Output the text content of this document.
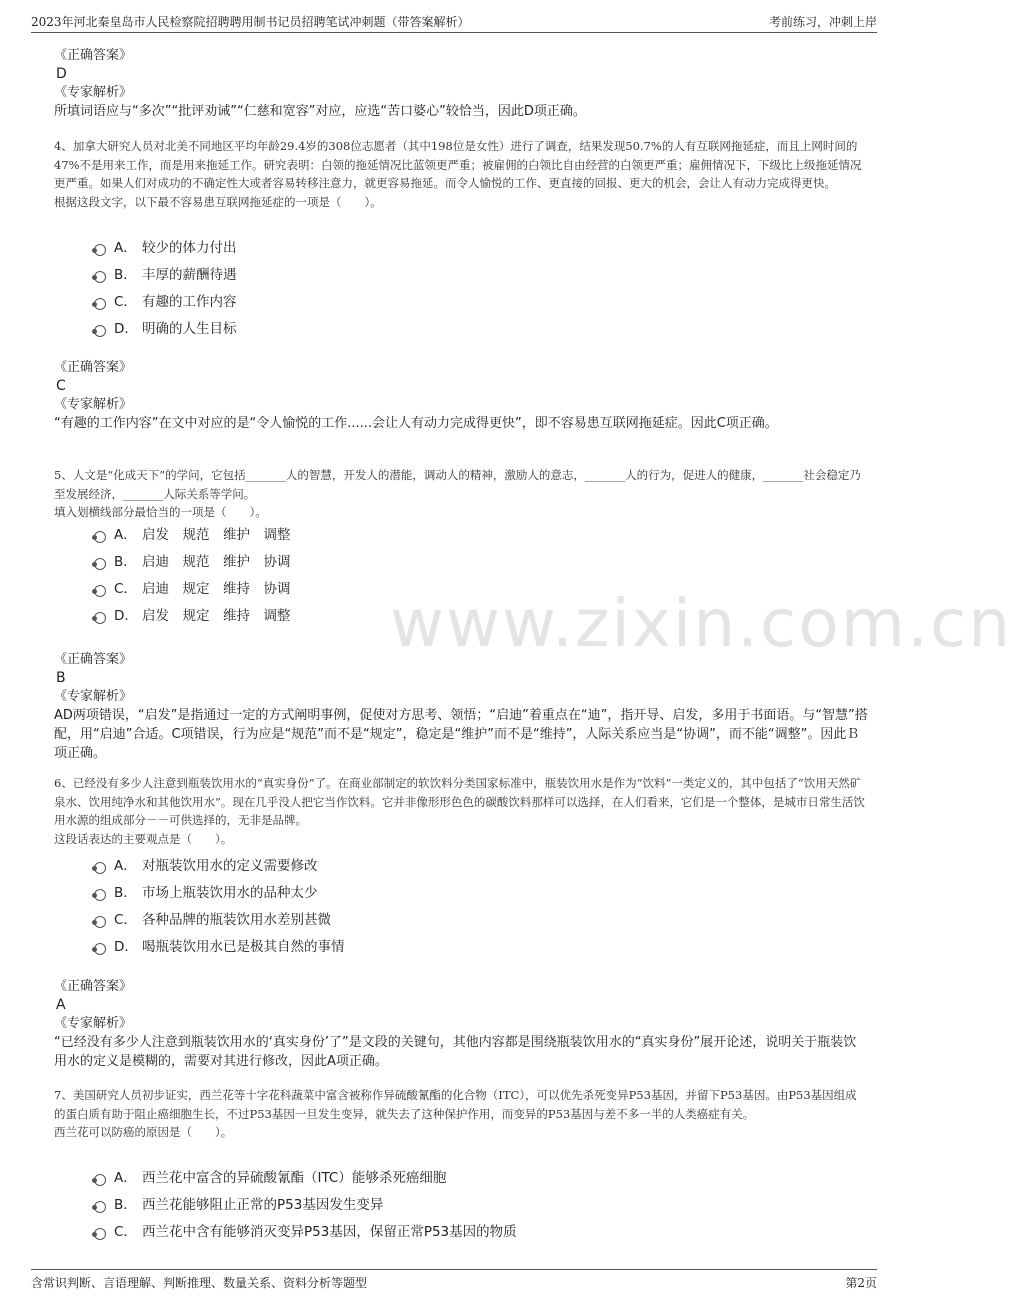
2023年河北秦皇岛市人民检察院招聘聘用制书记员招聘笔试冲刺题（带答案解析）	考前练习，冲刺上岸
www.zixin.com.cn
《正确答案》
D
《专家解析》
所填词语应与“多次”“批评劝诫”“仁慈和宽容”对应，应选“苦口婆心”较恰当，因此D项正确。
4、加拿大研究人员对北美不同地区平均年龄29.4岁的308位志愿者（其中198位是女性）进行了调查，结果发现50.7%的人有互联网拖延症，而且上网时间的47%不是用来工作，而是用来拖延工作。研究表明：白领的拖延情况比蓝领更严重；被雇佣的白领比自由经营的白领更严重；雇佣情况下，下级比上级拖延情况更严重。如果人们对成功的不确定性大或者容易转移注意力，就更容易拖延。而令人愉悦的工作、更直接的回报、更大的机会，会让人有动力完成得更快。
根据这段文字，以下最不容易患互联网拖延症的一项是（　　）。
A． 较少的体力付出
B． 丰厚的薪酬待遇
C． 有趣的工作内容
D． 明确的人生目标
《正确答案》
C
《专家解析》
“有趣的工作内容”在文中对应的是“令人愉悦的工作......会让人有动力完成得更快”，即不容易患互联网拖延症。因此C项正确。
5、人文是“化成天下”的学问，它包括_______人的智慧，开发人的潜能，调动人的精神，激励人的意志，_______人的行为，促进人的健康，_______社会稳定乃至发展经济，_______人际关系等学问。
填入划横线部分最恰当的一项是（　　）。
A． 启发　规范　维护　调整
B． 启迪　规范　维护　协调
C． 启迪　规定　维持　协调
D． 启发　规定　维持　调整
《正确答案》
B
《专家解析》
AD两项错误，“启发”是指通过一定的方式阐明事例，促使对方思考、领悟；“启迪”着重点在“迪”，指开导、启发，多用于书面语。与“智慧”搭配，用“启迪”合适。C项错误，行为应是“规范”而不是“规定”，稳定是“维护”而不是“维持”，人际关系应当是“协调”，而不能“调整”。因此Ｂ项正确。
6、已经没有多少人注意到瓶装饮用水的“真实身份”了。在商业部制定的软饮料分类国家标准中，瓶装饮用水是作为“饮料”一类定义的，其中包括了“饮用天然矿泉水、饮用纯净水和其他饮用水”。现在几乎没人把它当作饮料。它并非像形形色色的碳酸饮料那样可以选择，在人们看来，它们是一个整体，是城市日常生活饮用水源的组成部分－－可供选择的，无非是品牌。
这段话表达的主要观点是（　　）。
A． 对瓶装饮用水的定义需要修改
B． 市场上瓶装饮用水的品种太少
C． 各种品牌的瓶装饮用水差别甚微
D． 喝瓶装饮用水已是极其自然的事情
《正确答案》
A
《专家解析》
“已经没有多少人注意到瓶装饮用水的‘真实身份’了”是文段的关键句，其他内容都是围绕瓶装饮用水的“真实身份”展开论述，说明关于瓶装饮用水的定义是模糊的，需要对其进行修改，因此A项正确。
7、美国研究人员初步证实，西兰花等十字花科蔬菜中富含被称作异硫酸氰酯的化合物（ITC），可以优先杀死变异P53基因，并留下P53基因。由P53基因组成的蛋白质有助于阻止癌细胞生长，不过P53基因一旦发生变异，就失去了这种保护作用，而变异的P53基因与差不多一半的人类癌症有关。
西兰花可以防癌的原因是（　　）。
A． 西兰花中富含的异硫酸氰酯（ITC）能够杀死癌细胞
B． 西兰花能够阻止正常的P53基因发生变异
C． 西兰花中含有能够消灭变异P53基因，保留正常P53基因的物质
含常识判断、言语理解、判断推理、数量关系、资料分析等题型	第2页
